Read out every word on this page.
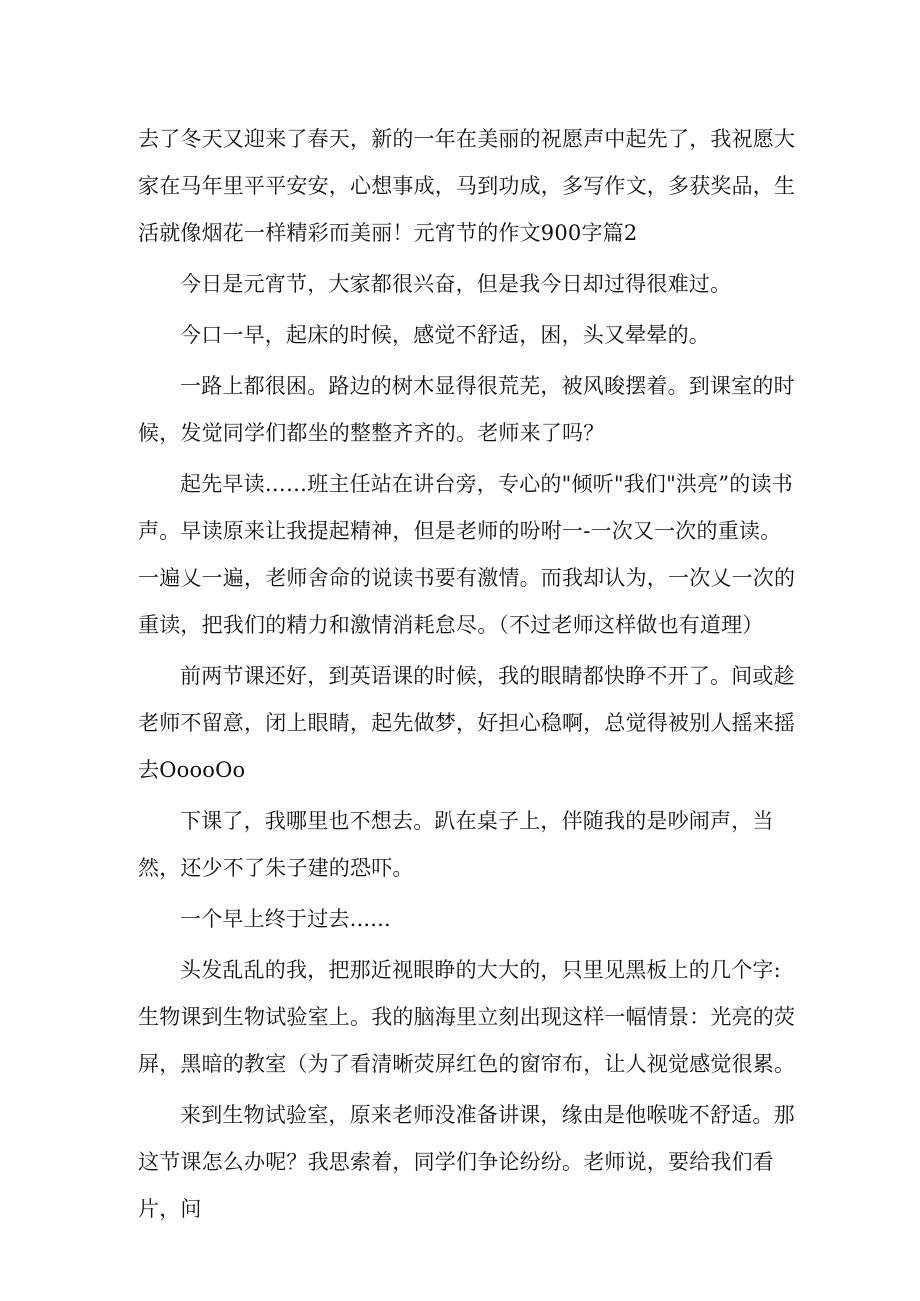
去了冬天又迎来了春天，新的一年在美丽的祝愿声中起先了，我祝愿大家在马年里平平安安，心想事成，马到功成，多写作文，多获奖品，生活就像烟花一样精彩而美丽！元宵节的作文900字篇2

今日是元宵节，大家都很兴奋，但是我今日却过得很难过。

今口一早，起床的时候，感觉不舒适，困，头又晕晕的。

一路上都很困。路边的树木显得很荒芜，被风晙摆着。到课室的时候，发觉同学们都坐的整整齐齐的。老师来了吗？

起先早读……班主任站在讲台旁，专心的"倾听"我们"洪亮”的读书声。早读原来让我提起精神，但是老师的吩咐一-一次又一次的重读。一遍乂一遍，老师舍命的说读书要有激情。而我却认为，一次乂一次的重读，把我们的精力和激情消耗怠尽。（不过老师这样做也有道理）

前两节课还好，到英语课的时候，我的眼睛都快睁不开了。间或趁老师不留意，闭上眼睛，起先做梦，好担心稳啊，总觉得被别人摇来摇去OooоOo

下课了，我哪里也不想去。趴在桌子上，伴随我的是吵闹声，当然，还少不了朱子建的恐吓。

一个早上终于过去......

头发乱乱的我，把那近视眼睁的大大的，只里见黑板上的几个字:生物课到生物试验室上。我的脑海里立刻出现这样一幅情景：光亮的荧屏，黑暗的教室（为了看清晰荧屏红色的窗帘布，让人视觉感觉很累。

来到生物试验室，原来老师没准备讲课，缘由是他喉咙不舒适。那这节课怎么办呢？我思索着，同学们争论纷纷。老师说，要给我们看片，问
